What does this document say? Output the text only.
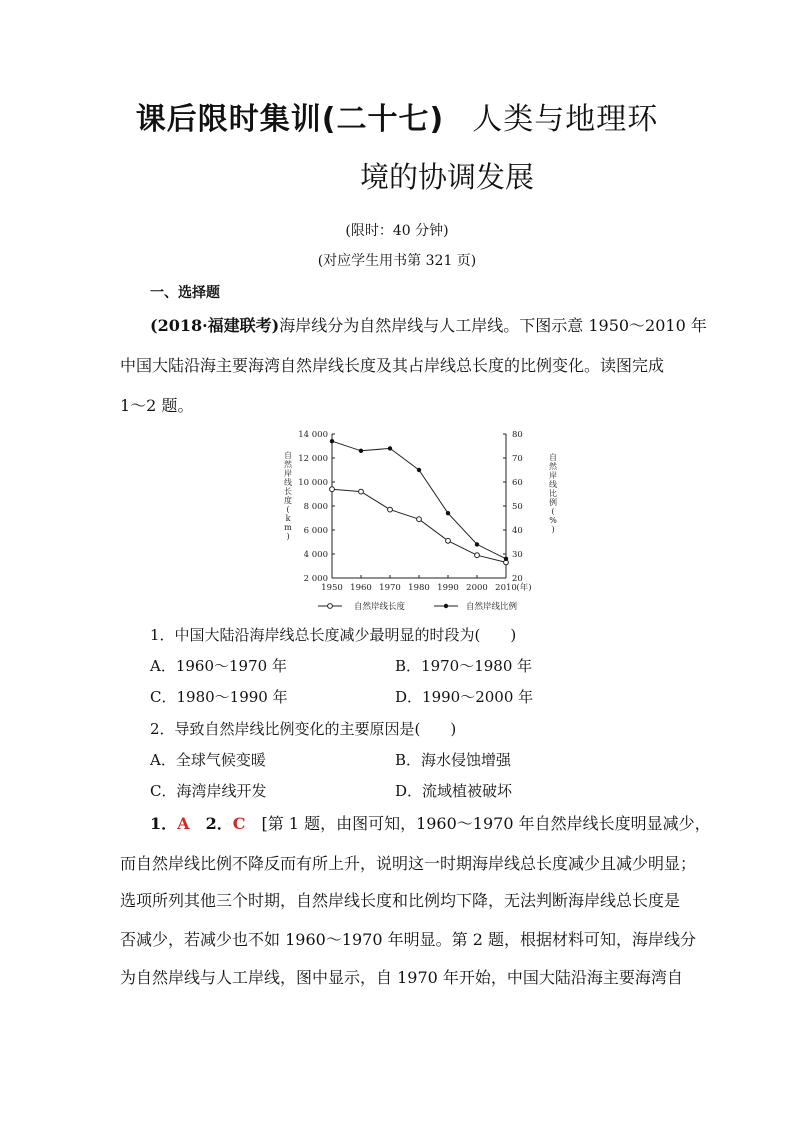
课后限时集训(二十七) 人类与地理环
境的协调发展
(限时：40 分钟)
(对应学生用书第 321 页)
一、选择题
(2018·福建联考)海岸线分为自然岸线与人工岸线。下图示意 1950～2010 年
中国大陆沿海主要海湾自然岸线长度及其占岸线总长度的比例变化。读图完成
1～2 题。
2 000
4 000
6 000
8 000
10 000
12 000
14 000
20
30
40
50
60
70
80
1950 1960 1970 1980 1990 2000 2010 (年)
自
然
岸
线
长
度
(
k
m
)
自
然
岸
线
比
例
(
%
)
自然岸线长度	自然岸线比例
1．中国大陆沿海岸线总长度减少最明显的时段为(　　)
A．1960～1970 年	B．1970～1980 年
C．1980～1990 年	D．1990～2000 年
2．导致自然岸线比例变化的主要原因是(　　)
A．全球气候变暖	B．海水侵蚀增强
C．海湾岸线开发	D．流域植被破坏
1．A　 2．C　 [第 1 题，由图可知，1960～1970 年自然岸线长度明显减少，
而自然岸线比例不降反而有所上升，说明这一时期海岸线总长度减少且减少明显；
选项所列其他三个时期，自然岸线长度和比例均下降，无法判断海岸线总长度是
否减少，若减少也不如 1960～1970 年明显。第 2 题，根据材料可知，海岸线分
为自然岸线与人工岸线，图中显示，自 1970 年开始，中国大陆沿海主要海湾自
